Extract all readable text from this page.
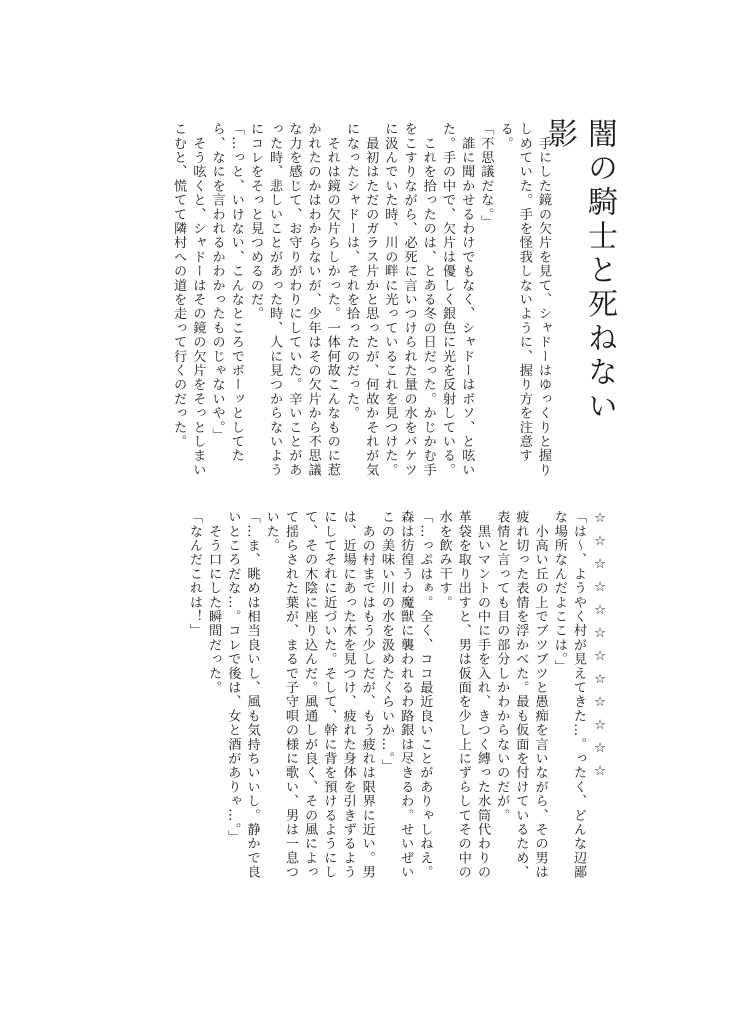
闇の騎士と死ねない影

　手にした鏡の欠片を見て、シャドーはゆっくりと握りしめていた。手を怪我しないように、握り方を注意する。

「不思議だな。」

　誰に聞かせるわけでもなく、シャドーはボソ、と呟いた。手の中で、欠片は優しく銀色に光を反射している。

　これを拾ったのは、とある冬の日だった。かじかむ手をこすりながら、必死に言いつけられた量の水をバケツに汲んでいた時、川の畔に光っているこれを見つけた。

　最初はただのガラス片かと思ったが、何故かそれが気になったシャドーは、それを拾ったのだった。

　それは鏡の欠片らしかった。一体何故こんなものに惹かれたのかはわからないが、少年はその欠片から不思議な力を感じて、お守りがわりにしていた。辛いことがあった時、悲しいことがあった時、人に見つからないようにコレをそっと見つめるのだ。

「…っと、いけない、こんなところでボーッとしてたら、なにを言われるかわかったものじゃないや。」

　そう呟くと、シャドーはその鏡の欠片をそっとしまいこむと、慌てて隣村への道を走って行くのだった。

☆☆☆☆☆☆☆☆☆☆☆☆

「は〜、ようやく村が見えてきた…。ったく、どんな辺鄙な場所なんだよここは。」

　小高い丘の上でブツブツと愚痴を言いながら、その男は疲れ切った表情を浮かべた。最も仮面を付けているため、表情と言っても目の部分しかわからないのだが。

　黒いマントの中に手を入れ、きつく縛った水筒代わりの革袋を取り出すと、男は仮面を少し上にずらしてその中の水を飲み干す。

「…っぷはぁ。全く、ココ最近良いことがありゃしねえ。森は彷徨うわ魔獣に襲われるわ路銀は尽きるわ。せいぜいこの美味い川の水を汲めたくらいか…。」

　あの村まではもう少しだが、もう疲れは限界に近い。男は、近場にあった木を見つけ、疲れた身体を引きずるようにしてそれに近づいた。そして、幹に背を預けるようにして、その木陰に座り込んだ。風通しが良く、その風によって揺らされた葉が、まるで子守唄の様に歌い、男は一息ついた。

「…ま、眺めは相当良いし、風も気持ちいいし。静かで良いところだな…。コレで後は、女と酒がありゃ…。」

　そう口にした瞬間だった。

「なんだこれは！」
